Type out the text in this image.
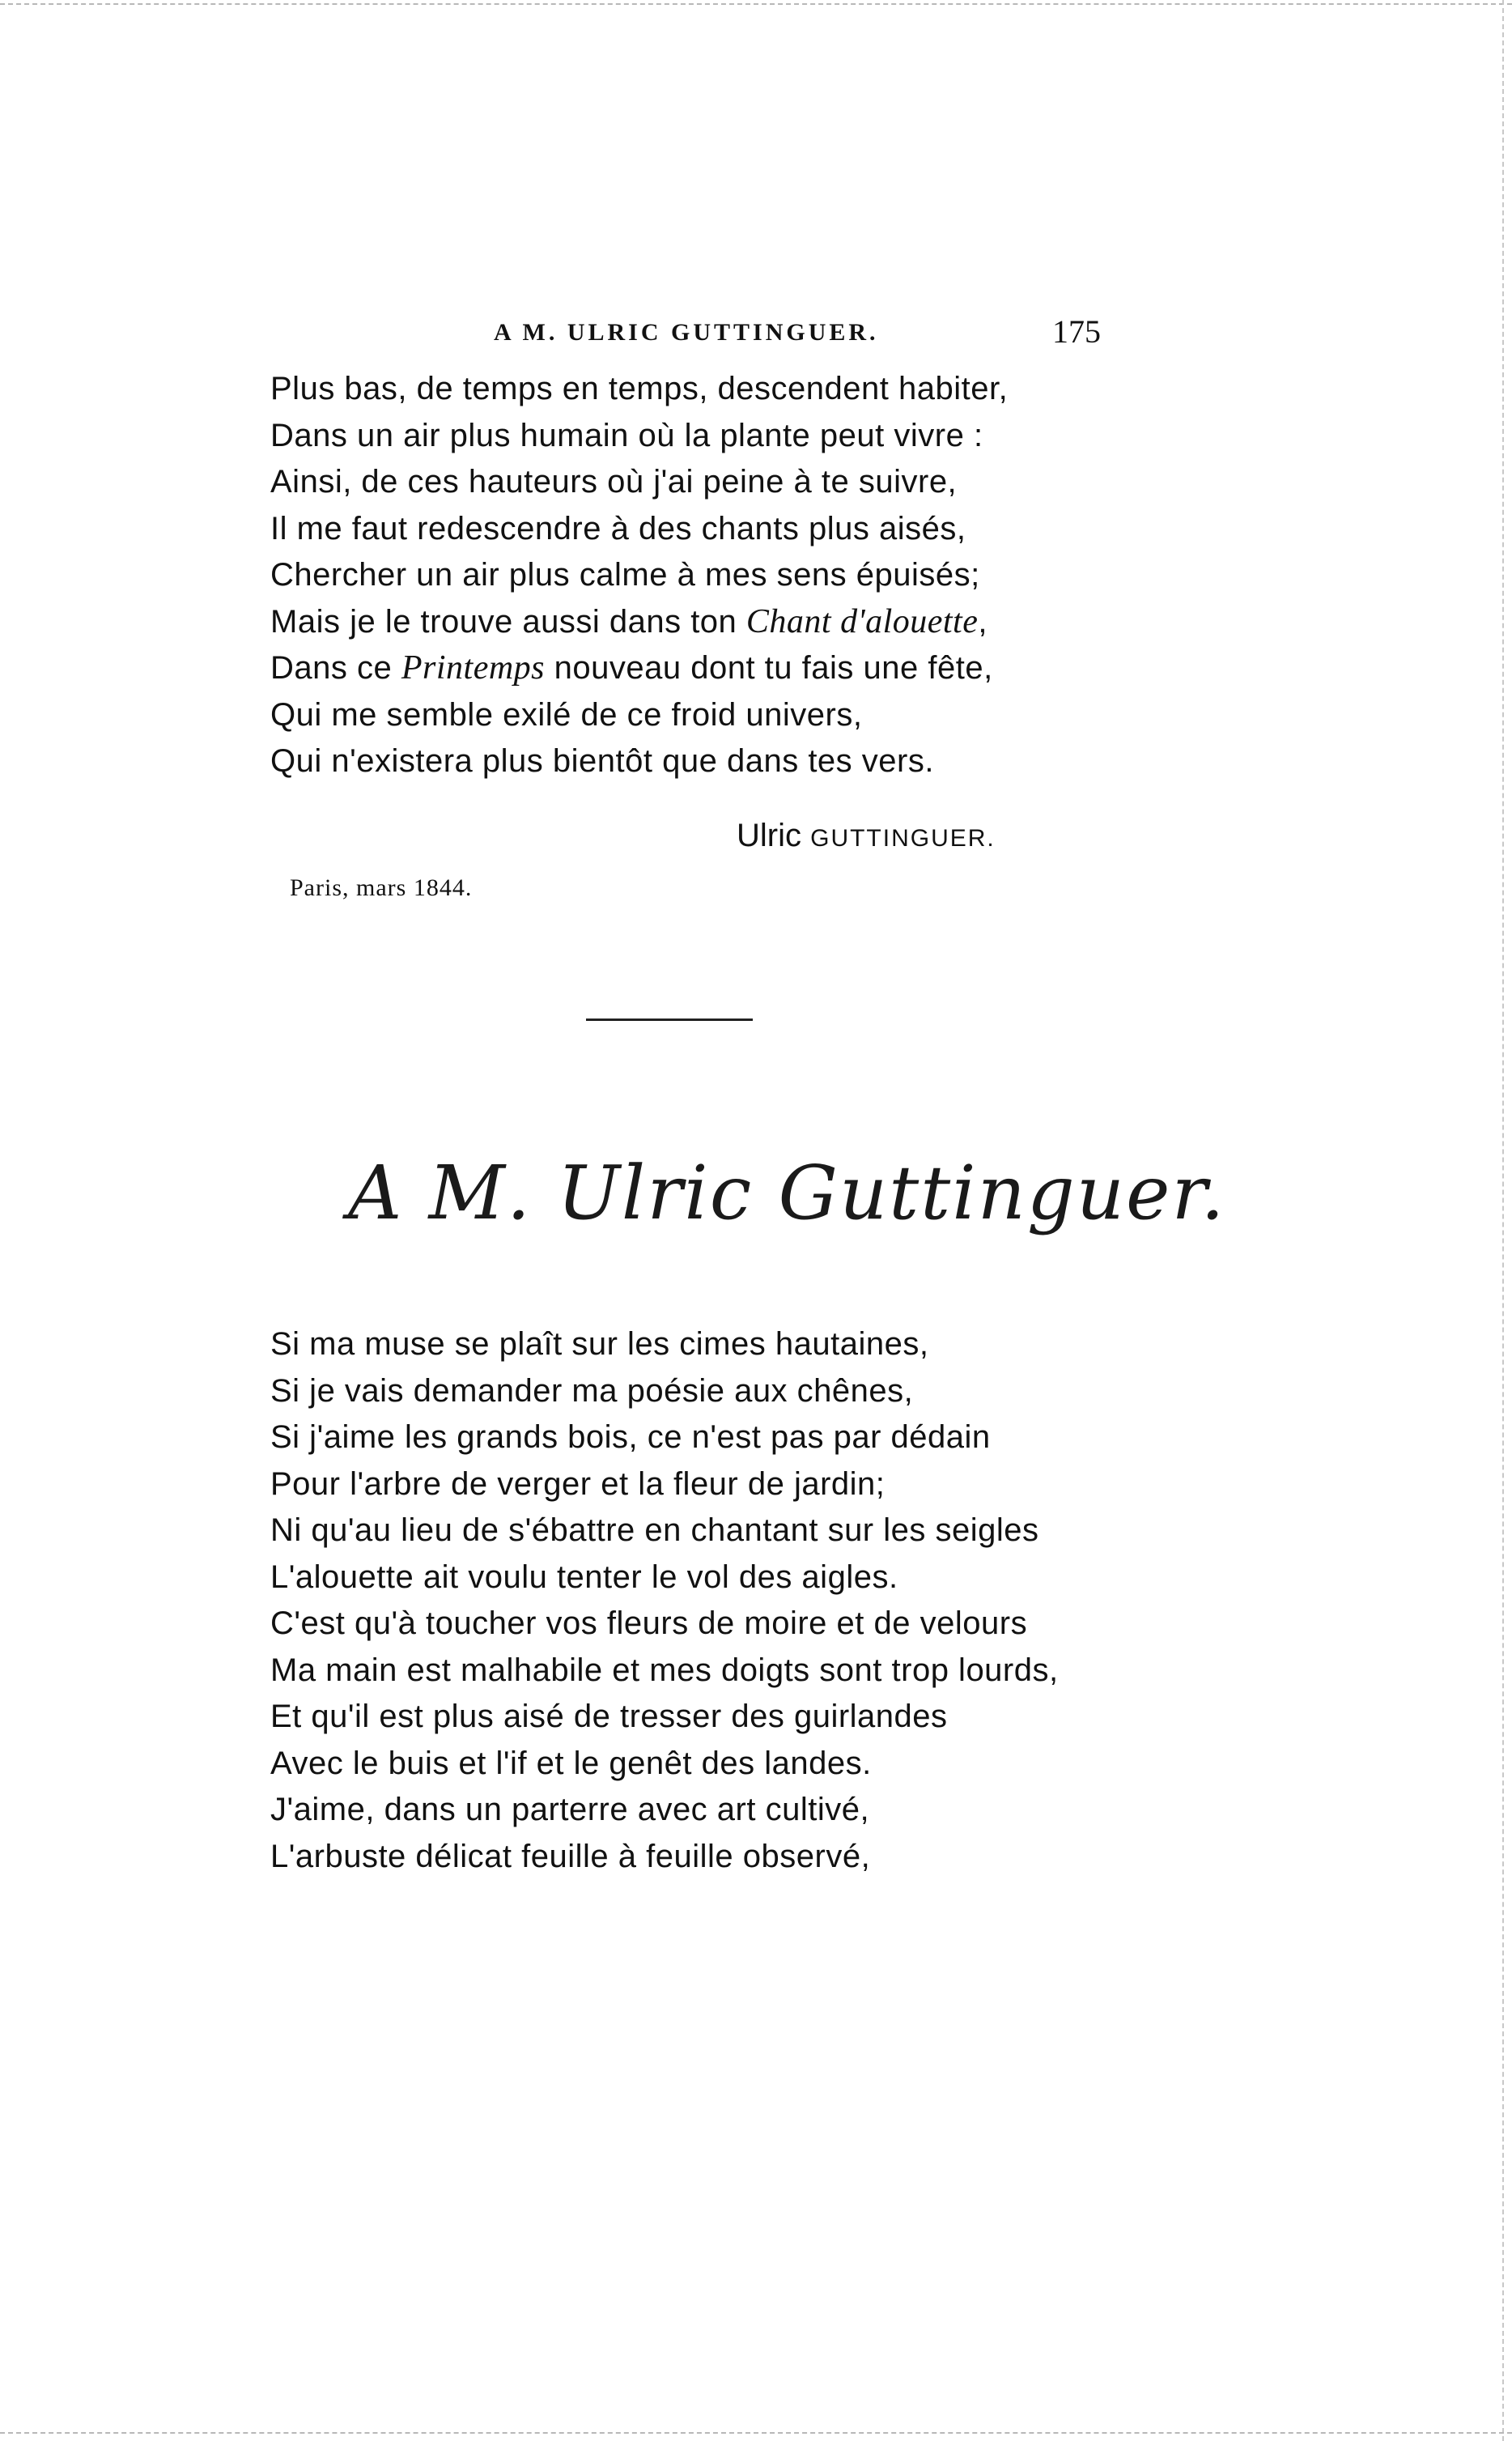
A M. ULRIC GUTTINGUER.	175
Plus bas, de temps en temps, descendent habiter,
Dans un air plus humain où la plante peut vivre :
Ainsi, de ces hauteurs où j'ai peine à te suivre,
Il me faut redescendre à des chants plus aisés,
Chercher un air plus calme à mes sens épuisés;
Mais je le trouve aussi dans ton Chant d'alouette,
Dans ce Printemps nouveau dont tu fais une fête,
Qui me semble exilé de ce froid univers,
Qui n'existera plus bientôt que dans tes vers.
Ulric GUTTINGUER.
Paris, mars 1844.
A M. Ulric Guttinguer.
Si ma muse se plaît sur les cimes hautaines,
Si je vais demander ma poésie aux chênes,
Si j'aime les grands bois, ce n'est pas par dédain
Pour l'arbre de verger et la fleur de jardin;
Ni qu'au lieu de s'ébattre en chantant sur les seigles
L'alouette ait voulu tenter le vol des aigles.
C'est qu'à toucher vos fleurs de moire et de velours
Ma main est malhabile et mes doigts sont trop lourds,
Et qu'il est plus aisé de tresser des guirlandes
Avec le buis et l'if et le genêt des landes.
J'aime, dans un parterre avec art cultivé,
L'arbuste délicat feuille à feuille observé,
